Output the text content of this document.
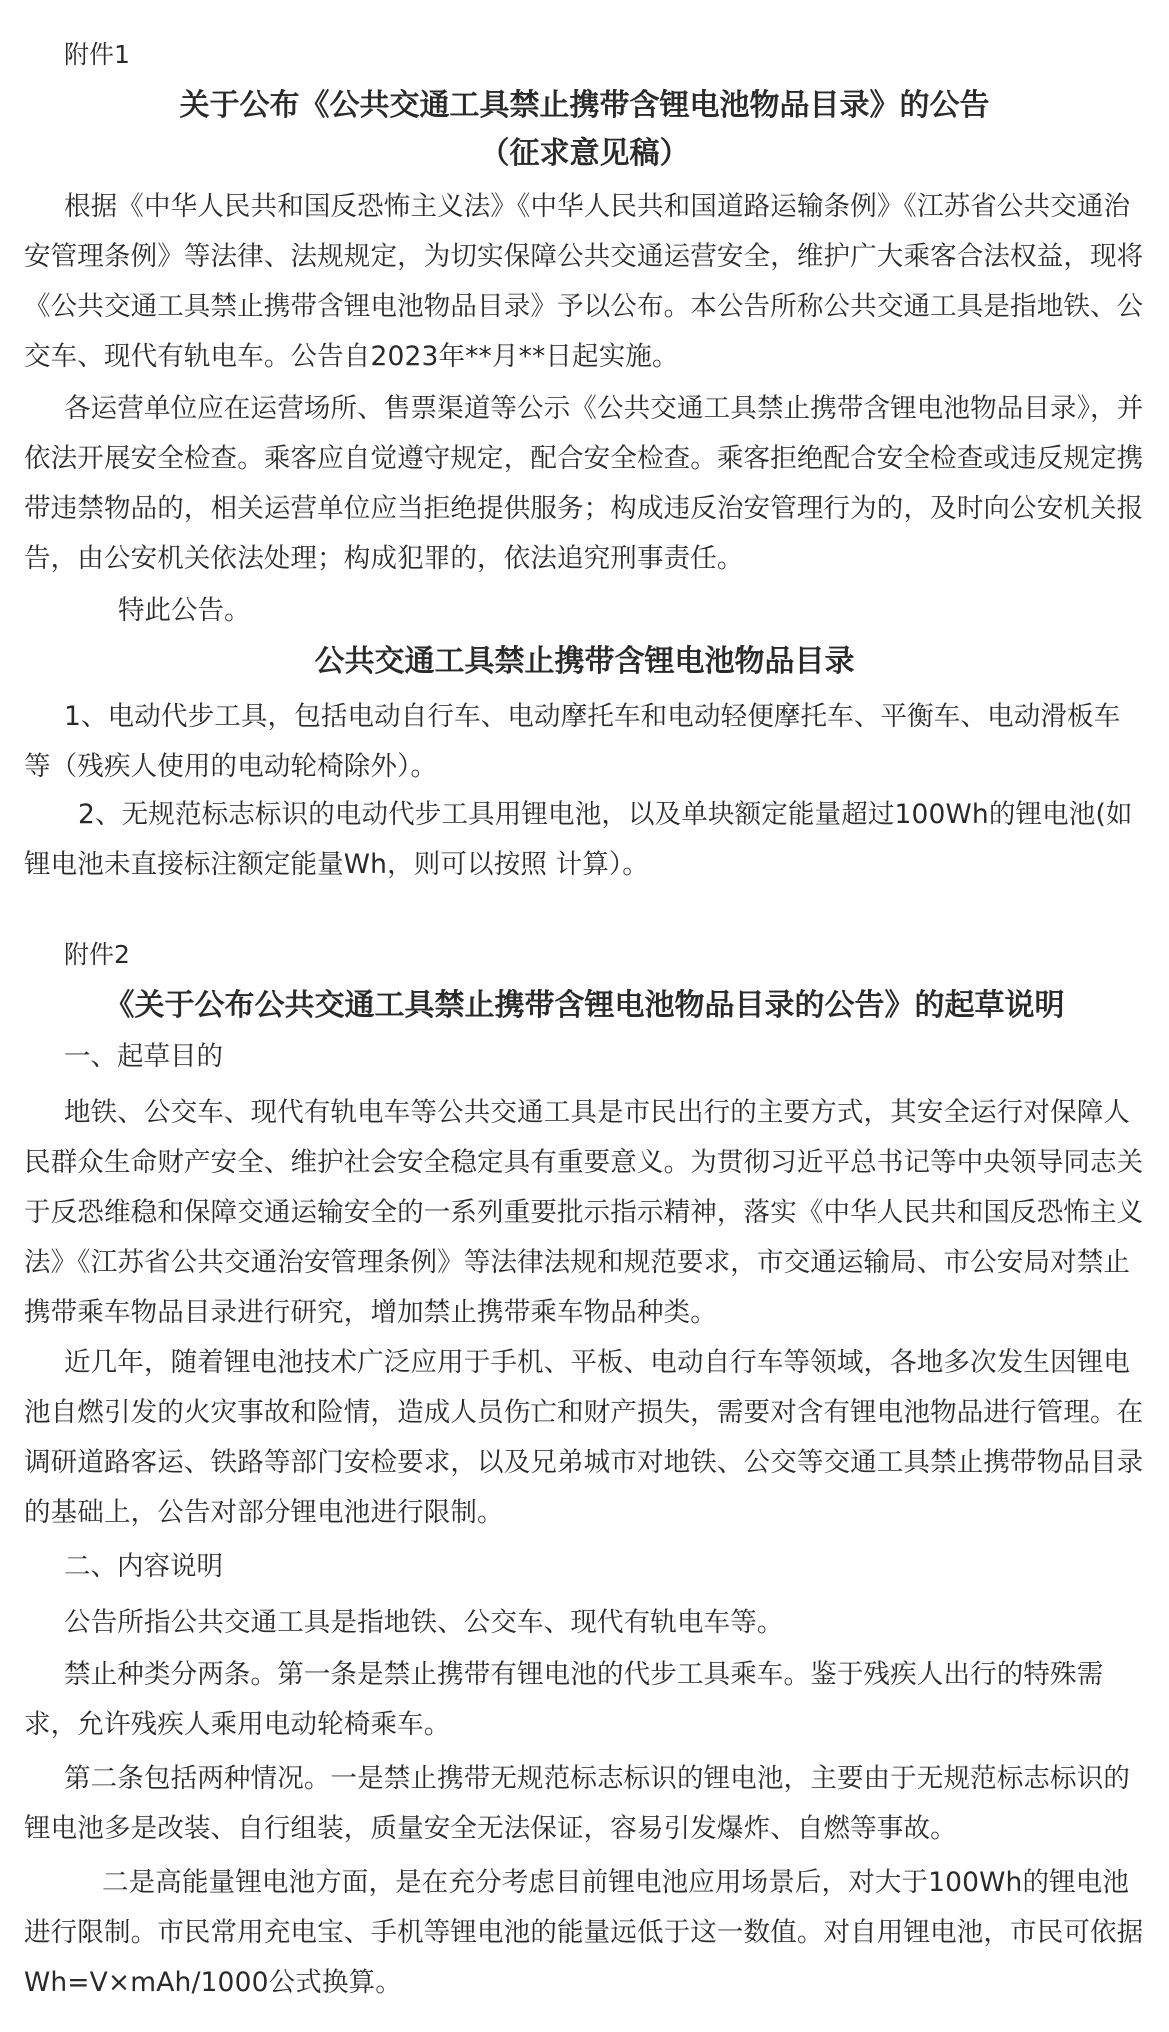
附件1
关于公布《公共交通工具禁止携带含锂电池物品目录》的公告
（征求意见稿）
根据《中华人民共和国反恐怖主义法》《中华人民共和国道路运输条例》《江苏省公共交通治安管理条例》等法律、法规规定，为切实保障公共交通运营安全，维护广大乘客合法权益，现将《公共交通工具禁止携带含锂电池物品目录》予以公布。本公告所称公共交通工具是指地铁、公交车、现代有轨电车。公告自2023年**月**日起实施。
各运营单位应在运营场所、售票渠道等公示《公共交通工具禁止携带含锂电池物品目录》，并依法开展安全检查。乘客应自觉遵守规定，配合安全检查。乘客拒绝配合安全检查或违反规定携带违禁物品的，相关运营单位应当拒绝提供服务；构成违反治安管理行为的，及时向公安机关报告，由公安机关依法处理；构成犯罪的，依法追究刑事责任。
特此公告。
公共交通工具禁止携带含锂电池物品目录
1、电动代步工具，包括电动自行车、电动摩托车和电动轻便摩托车、平衡车、电动滑板车等（残疾人使用的电动轮椅除外）。
2、无规范标志标识的电动代步工具用锂电池，以及单块额定能量超过100Wh的锂电池(如锂电池未直接标注额定能量Wh，则可以按照 计算）。
附件2
《关于公布公共交通工具禁止携带含锂电池物品目录的公告》的起草说明
一、起草目的
地铁、公交车、现代有轨电车等公共交通工具是市民出行的主要方式，其安全运行对保障人民群众生命财产安全、维护社会安全稳定具有重要意义。为贯彻习近平总书记等中央领导同志关于反恐维稳和保障交通运输安全的一系列重要批示指示精神，落实《中华人民共和国反恐怖主义法》《江苏省公共交通治安管理条例》等法律法规和规范要求，市交通运输局、市公安局对禁止携带乘车物品目录进行研究，增加禁止携带乘车物品种类。
近几年，随着锂电池技术广泛应用于手机、平板、电动自行车等领域，各地多次发生因锂电池自燃引发的火灾事故和险情，造成人员伤亡和财产损失，需要对含有锂电池物品进行管理。在调研道路客运、铁路等部门安检要求，以及兄弟城市对地铁、公交等交通工具禁止携带物品目录的基础上，公告对部分锂电池进行限制。
二、内容说明
公告所指公共交通工具是指地铁、公交车、现代有轨电车等。
禁止种类分两条。第一条是禁止携带有锂电池的代步工具乘车。鉴于残疾人出行的特殊需求，允许残疾人乘用电动轮椅乘车。
第二条包括两种情况。一是禁止携带无规范标志标识的锂电池，主要由于无规范标志标识的锂电池多是改装、自行组装，质量安全无法保证，容易引发爆炸、自燃等事故。
二是高能量锂电池方面，是在充分考虑目前锂电池应用场景后，对大于100Wh的锂电池进行限制。市民常用充电宝、手机等锂电池的能量远低于这一数值。对自用锂电池，市民可依据Wh=V×mAh/1000公式换算。
